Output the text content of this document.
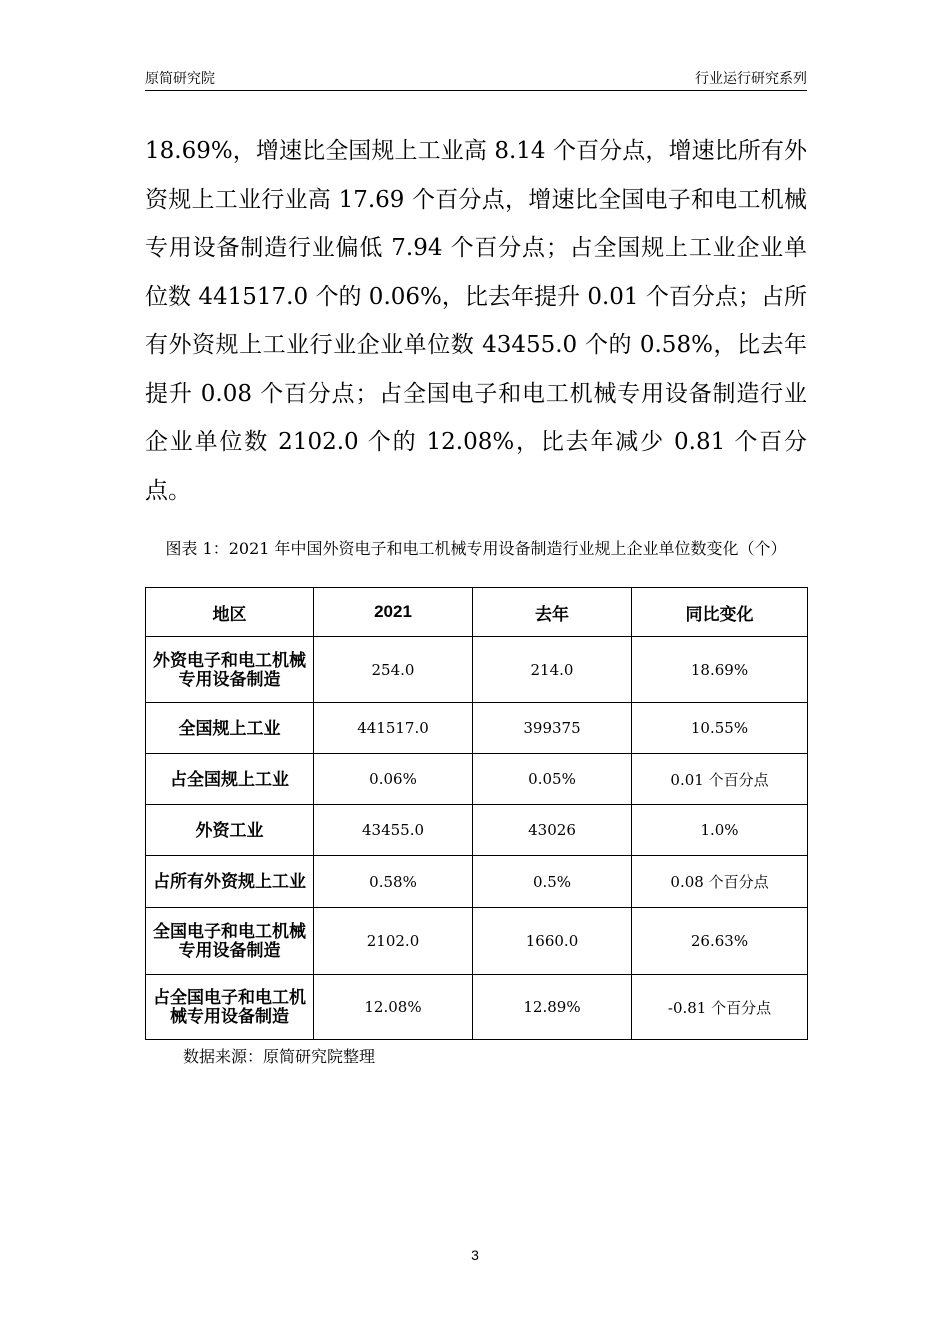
原简研究院	行业运行研究系列

18.69%，增速比全国规上工业高 8.14 个百分点，增速比所有外资规上工业行业高 17.69 个百分点，增速比全国电子和电工机械专用设备制造行业偏低 7.94 个百分点；占全国规上工业企业单位数 441517.0 个的 0.06%，比去年提升 0.01 个百分点；占所有外资规上工业行业企业单位数 43455.0 个的 0.58%，比去年提升 0.08 个百分点；占全国电子和电工机械专用设备制造行业企业单位数 2102.0 个的 12.08%，比去年减少 0.81 个百分点。

图表 1：2021 年中国外资电子和电工机械专用设备制造行业规上企业单位数变化（个）

地区	2021	去年	同比变化
外资电子和电工机械专用设备制造	254.0	214.0	18.69%
全国规上工业	441517.0	399375	10.55%
占全国规上工业	0.06%	0.05%	0.01 个百分点
外资工业	43455.0	43026	1.0%
占所有外资规上工业	0.58%	0.5%	0.08 个百分点
全国电子和电工机械专用设备制造	2102.0	1660.0	26.63%
占全国电子和电工机械专用设备制造	12.08%	12.89%	-0.81 个百分点

数据来源：原简研究院整理

3
